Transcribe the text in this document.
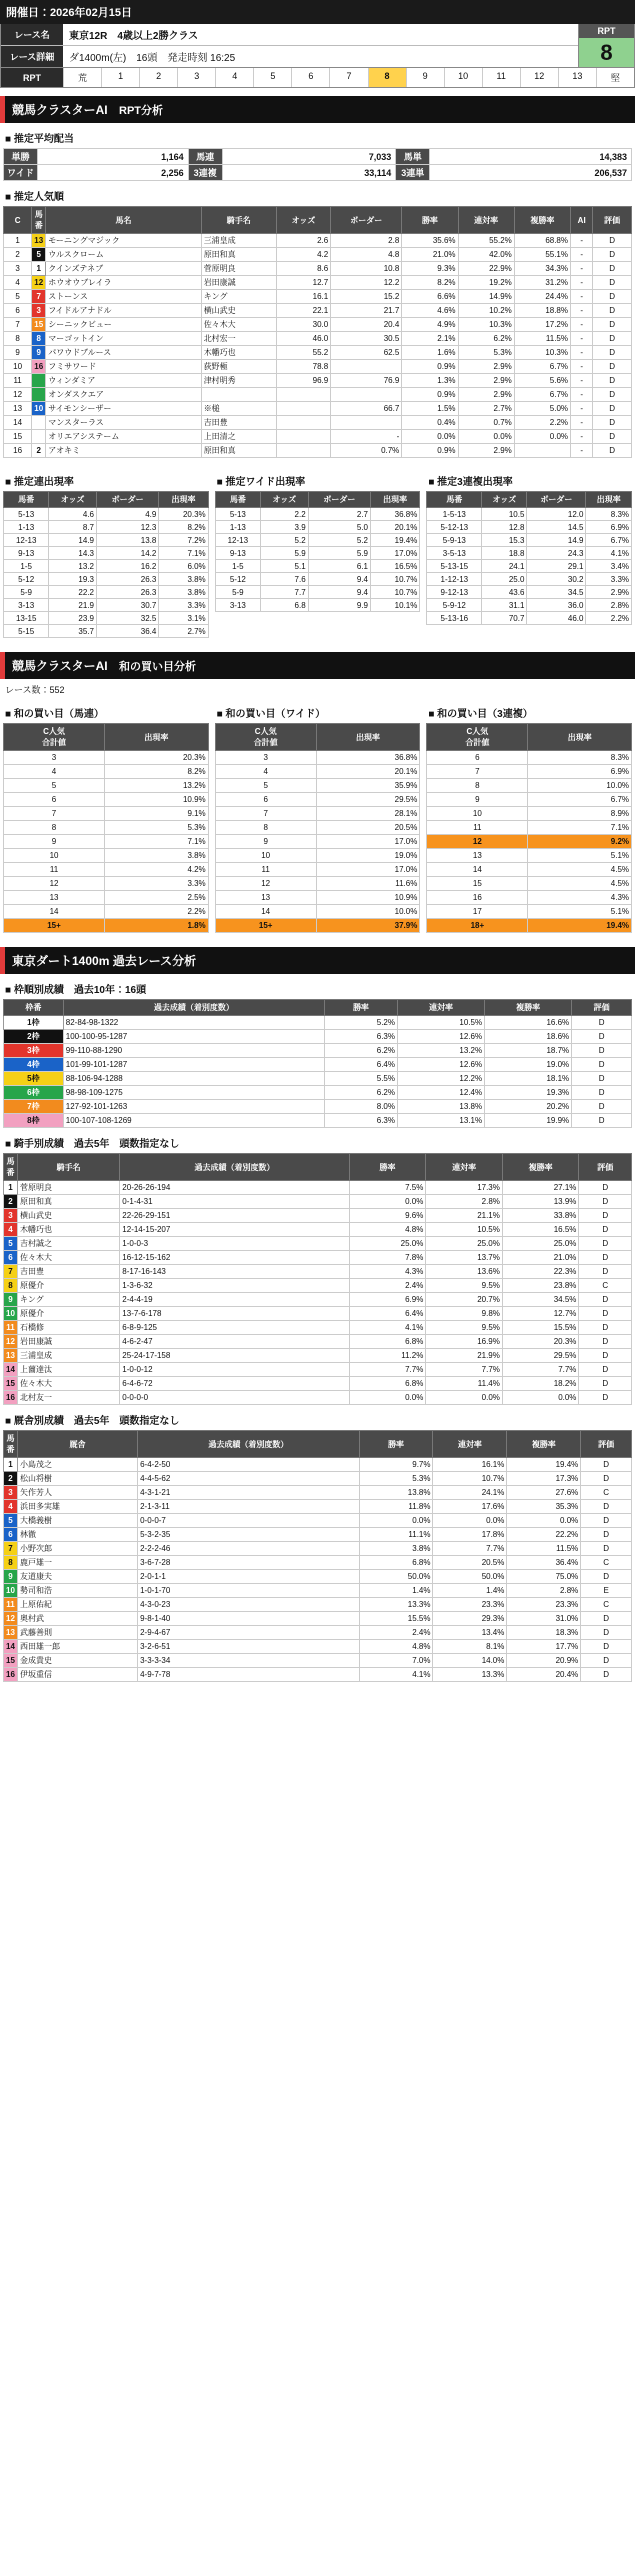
開催日：2026年02月15日
レース名	東京12R 4歳以上2勝クラス
レース詳細	ダ1400m(左)　16頭　発走時刻 16:25
RPT
8
RPT	荒	1	2	3	4	5	6	7	8	9	10	11	12	13	堅
競馬クラスターAI RPT分析
■ 推定平均配当
単勝	1,164	馬連	7,033	馬単	14,383
ワイド	2,256	3連複	33,114	3連単	206,537
■ 推定人気順
C	馬番	馬名	騎手名	オッズ	ボーダー	勝率	連対率	複勝率	AI	評価
1	13	モーニングマジック	三浦皇成	2.6	2.8	35.6%	55.2%	68.8%	-	D
2	5	ウルスクローム	原田和真	4.2	4.8	21.0%	42.0%	55.1%	-	D
3	1	クインズテネブ	菅原明良	8.6	10.8	9.3%	22.9%	34.3%	-	D
4	12	ホウオウブレイラ	岩田康誠	12.7	12.2	8.2%	19.2%	31.2%	-	D
5	7	ストーンス	キング	16.1	15.2	6.6%	14.9%	24.4%	-	D
6	3	フイドルアナドル	横山武史	22.1	21.7	4.6%	10.2%	18.8%	-	D
7	15	シーニックビュー	佐々木大	30.0	20.4	4.9%	10.3%	17.2%	-	D
8	8	マーゴットイン	北村宏一	46.0	30.5	2.1%	6.2%	11.5%	-	D
9	9	パワウドブルース	木幡巧也	55.2	62.5	1.6%	5.3%	10.3%	-	D
10	16	フミサワード	荻野極	78.8		0.9%	2.9%	6.7%	-	D
11		ウィンダミア	津村明秀	96.9	76.9	1.3%	2.9%	5.6%	-	D
12		オンダスクエア				0.9%	2.9%	6.7%	-	D
13	10	サイモンシーザー	※槌		66.7	1.5%	2.7%	5.0%	-	D
14		マンスターラス	吉田豊			0.4%	0.7%	2.2%	-	D
15		オリエアシステーム	上田清之		-	0.0%	0.0%	0.0%	-	D
16	2	アオキミ	原田和真		0.7%	0.9%	2.9%		-	D
■ 推定連出現率
馬番	オッズ	ボーダー	出現率
5-13	4.6	4.9	20.3%
1-13	8.7	12.3	8.2%
12-13	14.9	13.8	7.2%
9-13	14.3	14.2	7.1%
1-5	13.2	16.2	6.0%
5-12	19.3	26.3	3.8%
5-9	22.2	26.3	3.8%
3-13	21.9	30.7	3.3%
13-15	23.9	32.5	3.1%
5-15	35.7	36.4	2.7%
■ 推定ワイド出現率
馬番	オッズ	ボーダー	出現率
5-13	2.2	2.7	36.8%
1-13	3.9	5.0	20.1%
12-13	5.2	5.2	19.4%
9-13	5.9	5.9	17.0%
1-5	5.1	6.1	16.5%
5-12	7.6	9.4	10.7%
5-9	7.7	9.4	10.7%
3-13	6.8	9.9	10.1%
■ 推定3連複出現率
馬番	オッズ	ボーダー	出現率
1-5-13	10.5	12.0	8.3%
5-12-13	12.8	14.5	6.9%
5-9-13	15.3	14.9	6.7%
3-5-13	18.8	24.3	4.1%
5-13-15	24.1	29.1	3.4%
1-12-13	25.0	30.2	3.3%
9-12-13	43.6	34.5	2.9%
5-9-12	31.1	36.0	2.8%
5-13-16	70.7	46.0	2.2%
競馬クラスターAI 和の買い目分析
レース数：552
■ 和の買い目（馬連）
C人気
合計値	出現率
3	20.3%
4	8.2%
5	13.2%
6	10.9%
7	9.1%
8	5.3%
9	7.1%
10	3.8%
11	4.2%
12	3.3%
13	2.5%
14	2.2%
15+	1.8%
■ 和の買い目（ワイド）
C人気
合計値	出現率
3	36.8%
4	20.1%
5	35.9%
6	29.5%
7	28.1%
8	20.5%
9	17.0%
10	19.0%
11	17.0%
12	11.6%
13	10.9%
14	10.0%
15+	37.9%
■ 和の買い目（3連複）
C人気
合計値	出現率
6	8.3%
7	6.9%
8	10.0%
9	6.7%
10	8.9%
11	7.1%
12	9.2%
13	5.1%
14	4.5%
15	4.5%
16	4.3%
17	5.1%
18+	19.4%
東京ダート1400m 過去レース分析
■ 枠順別成績　過去10年：16頭
枠番	過去成績（着別度数）	勝率	連対率	複勝率	評価
1枠	82-84-98-1322	5.2%	10.5%	16.6%	D
2枠	100-100-95-1287	6.3%	12.6%	18.6%	D
3枠	99-110-88-1290	6.2%	13.2%	18.7%	D
4枠	101-99-101-1287	6.4%	12.6%	19.0%	D
5枠	88-106-94-1288	5.5%	12.2%	18.1%	D
6枠	98-98-109-1275	6.2%	12.4%	19.3%	D
7枠	127-92-101-1263	8.0%	13.8%	20.2%	D
8枠	100-107-108-1269	6.3%	13.1%	19.9%	D
■ 騎手別成績　過去5年　頭数指定なし
馬番	騎手名	過去成績（着別度数）	勝率	連対率	複勝率	評価
1	菅原明良	20-26-26-194	7.5%	17.3%	27.1%	D
2	原田和真	0-1-4-31	0.0%	2.8%	13.9%	D
3	横山武史	22-26-29-151	9.6%	21.1%	33.8%	D
4	木幡巧也	12-14-15-207	4.8%	10.5%	16.5%	D
5	吉村誠之	1-0-0-3	25.0%	25.0%	25.0%	D
6	佐々木大	16-12-15-162	7.8%	13.7%	21.0%	D
7	吉田豊	8-17-16-143	4.3%	13.6%	22.3%	D
8	原優介	1-3-6-32	2.4%	9.5%	23.8%	C
9	キング	2-4-4-19	6.9%	20.7%	34.5%	D
10	原優介	13-7-6-178	6.4%	9.8%	12.7%	D
11	石橋修	6-8-9-125	4.1%	9.5%	15.5%	D
12	岩田康誠	4-6-2-47	6.8%	16.9%	20.3%	D
13	三浦皇成	25-24-17-158	11.2%	21.9%	29.5%	D
14	上薗達汰	1-0-0-12	7.7%	7.7%	7.7%	D
15	佐々木大	6-4-6-72	6.8%	11.4%	18.2%	D
16	北村友一	0-0-0-0	0.0%	0.0%	0.0%	D
■ 厩舎別成績　過去5年　頭数指定なし
馬番	厩舎	過去成績（着別度数）	勝率	連対率	複勝率	評価
1	小島茂之	6-4-2-50	9.7%	16.1%	19.4%	D
2	松山将樹	4-4-5-62	5.3%	10.7%	17.3%	D
3	矢作芳人	4-3-1-21	13.8%	24.1%	27.6%	C
4	浜田多実雄	2-1-3-11	11.8%	17.6%	35.3%	D
5	大橋義樹	0-0-0-7	0.0%	0.0%	0.0%	D
6	林徹	5-3-2-35	11.1%	17.8%	22.2%	D
7	小野次郎	2-2-2-46	3.8%	7.7%	11.5%	D
8	鹿戸雄一	3-6-7-28	6.8%	20.5%	36.4%	C
9	友道康夫	2-0-1-1	50.0%	50.0%	75.0%	D
10	勢司和浩	1-0-1-70	1.4%	1.4%	2.8%	E
11	上原佑紀	4-3-0-23	13.3%	23.3%	23.3%	C
12	奥村武	9-8-1-40	15.5%	29.3%	31.0%	D
13	武藤善則	2-9-4-67	2.4%	13.4%	18.3%	D
14	西田雄一郎	3-2-6-51	4.8%	8.1%	17.7%	D
15	金成貴史	3-3-3-34	7.0%	14.0%	20.9%	D
16	伊坂重信	4-9-7-78	4.1%	13.3%	20.4%	D
